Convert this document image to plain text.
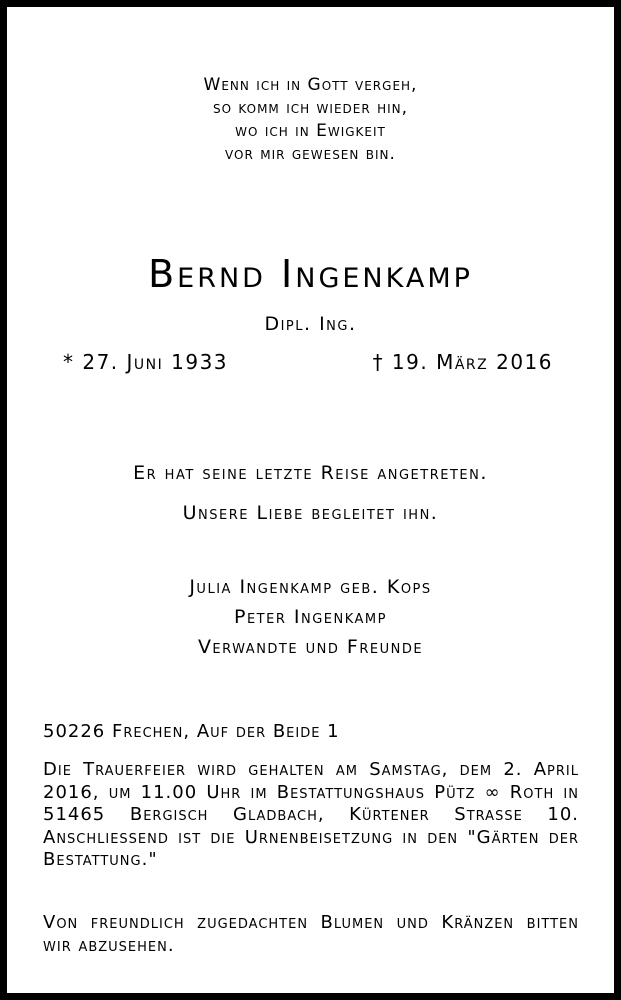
Wenn ich in Gott vergeh,
so komm ich wieder hin,
wo ich in Ewigkeit
vor mir gewesen bin.
Bernd Ingenkamp
Dipl. Ing.
* 27. Juni 1933	† 19. März 2016
Er hat seine letzte Reise angetreten.
Unsere Liebe begleitet ihn.
Julia Ingenkamp geb. Kops
Peter Ingenkamp
Verwandte und Freunde
50226 Frechen, Auf der Beide 1
Die Trauerfeier wird gehalten am Samstag, dem 2. April 2016, um 11.00 Uhr im Bestattungshaus Pütz ∞ Roth in 51465 Bergisch Gladbach, Kürtener Strasse 10. Anschliessend ist die Urnenbeisetzung in den "Gärten der Bestattung."
Von freundlich zugedachten Blumen und Kränzen bitten wir abzusehen.
